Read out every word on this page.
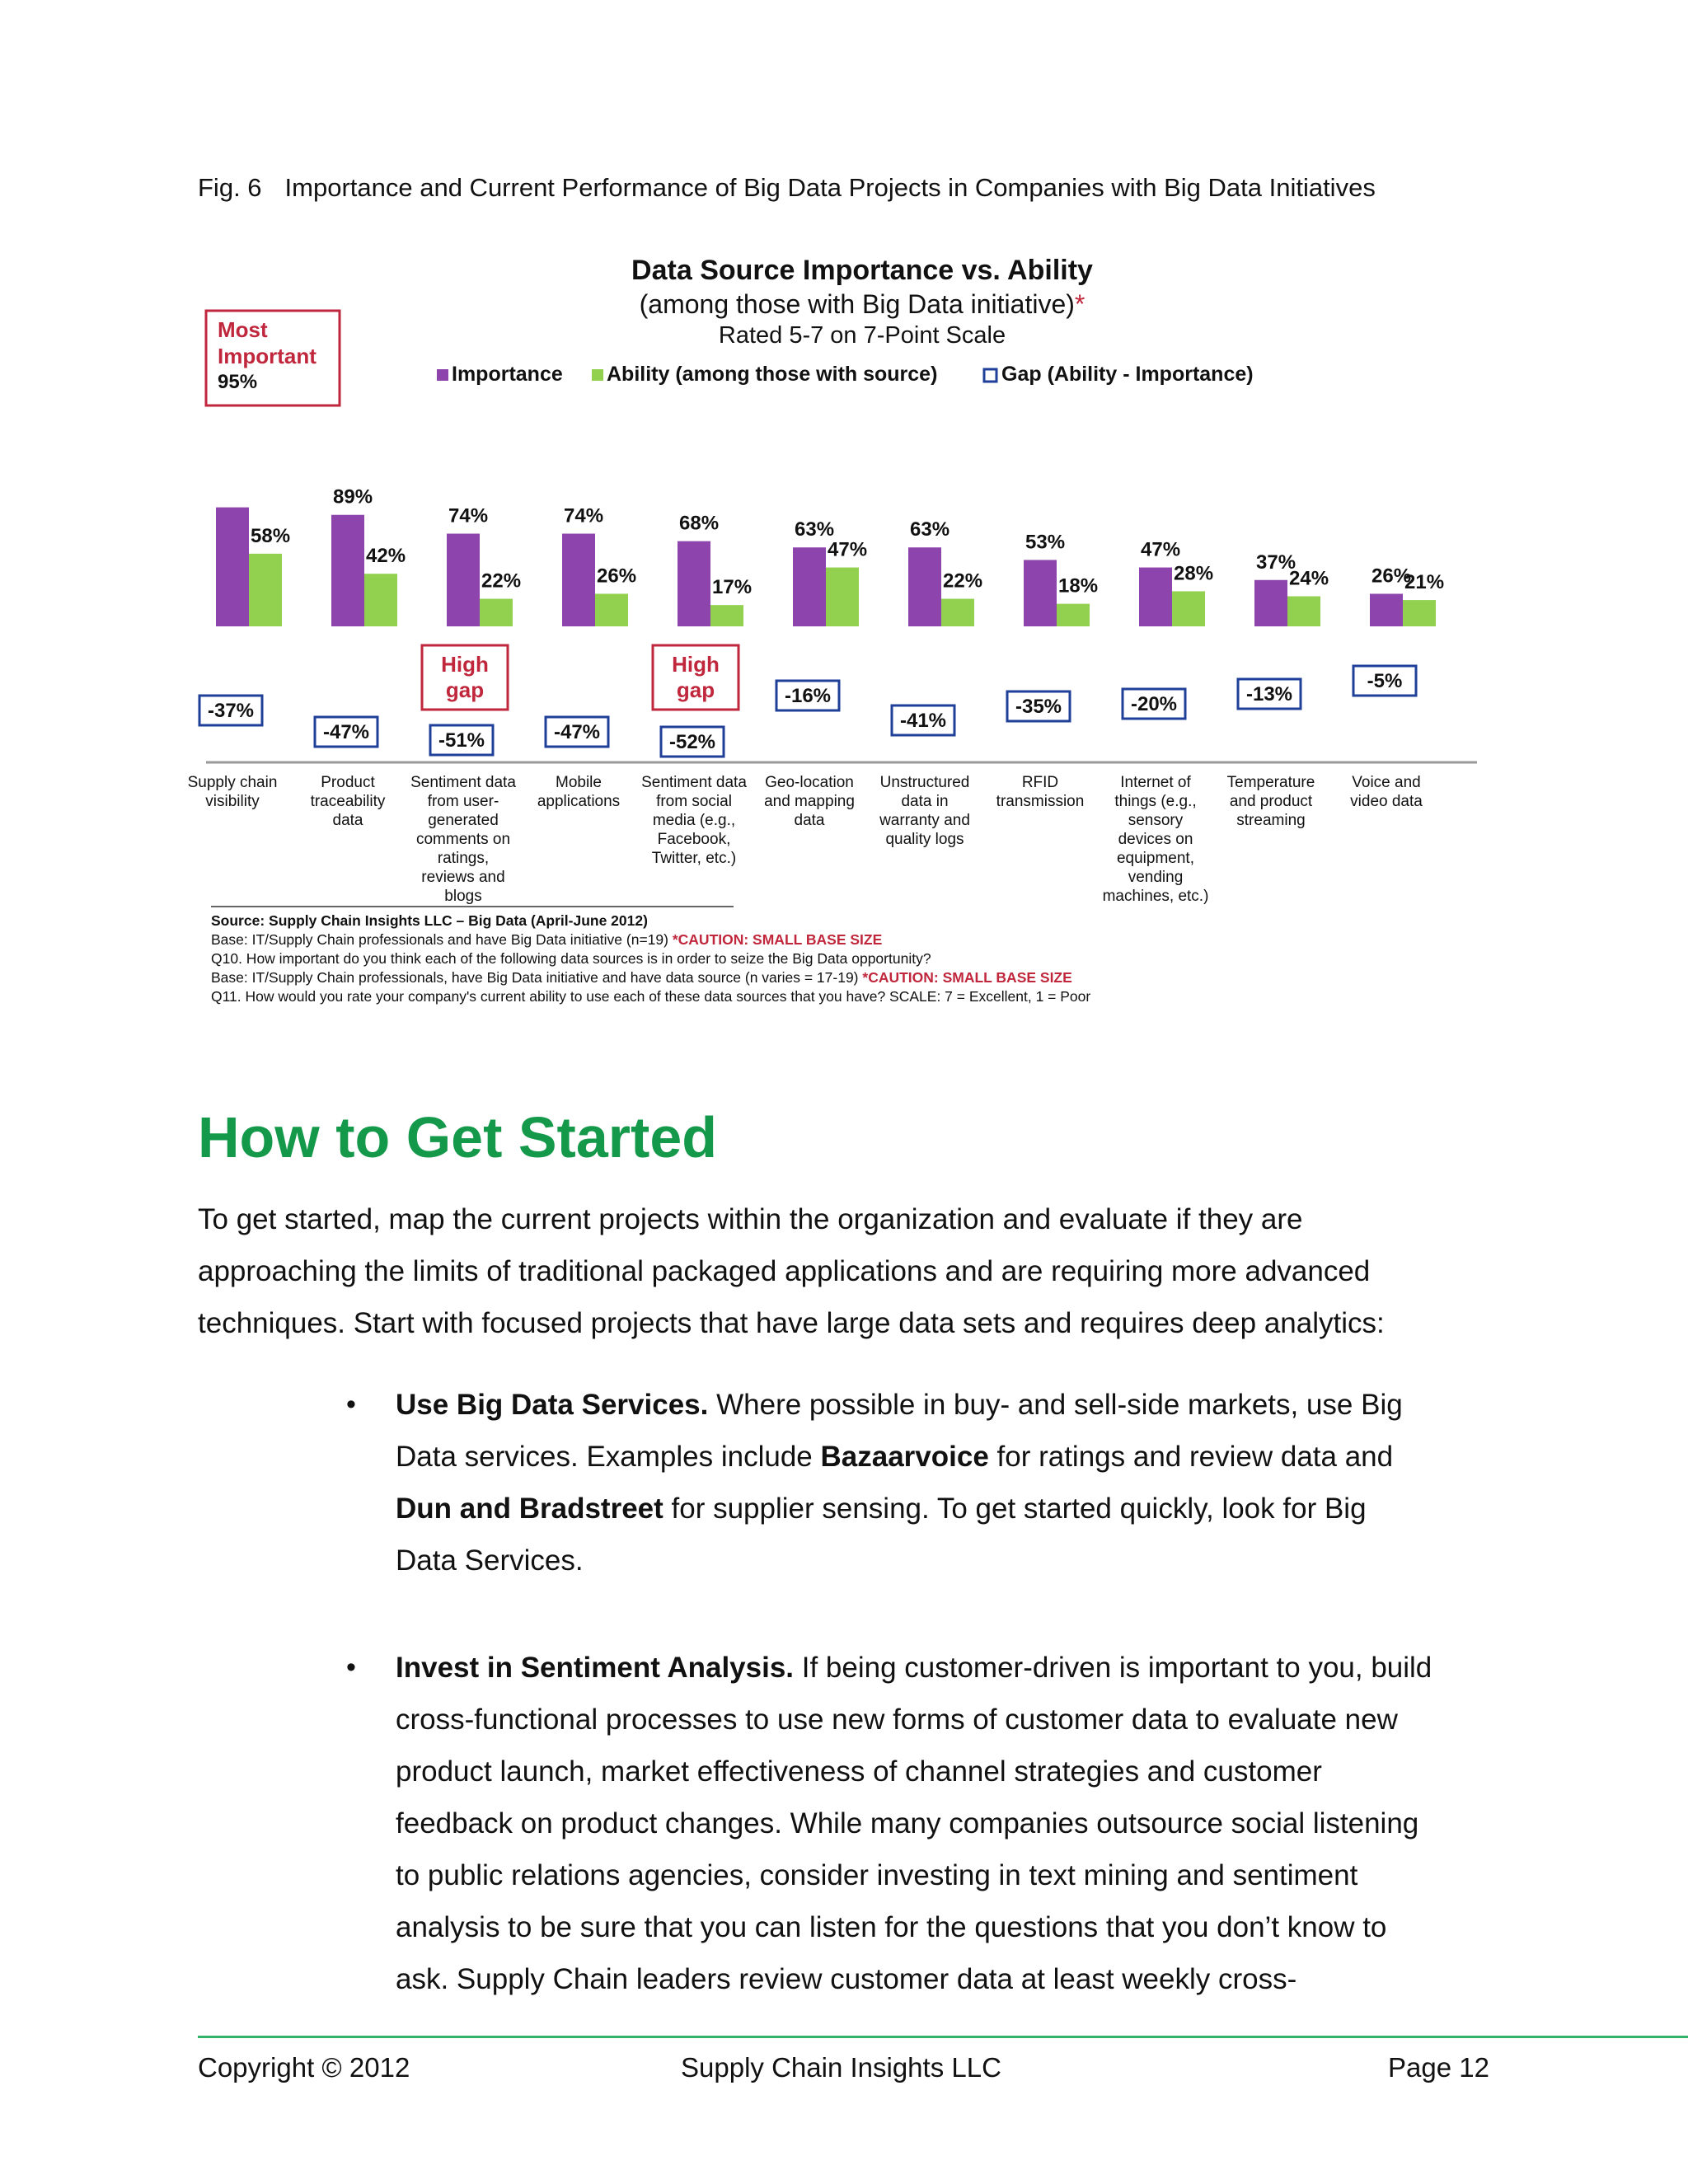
Fig. 6 Importance and Current Performance of Big Data Projects in Companies with Big Data Initiatives
Data Source Importance vs. Ability
(among those with Big Data initiative)*
Rated 5-7 on 7-Point Scale
Importance Ability (among those with source)	Gap (Ability - Importance)
Most Important
95%
58%
-37%
Supply chain visibility
89%
42%
-47%
Product traceability data
74%
22%
High
gap
-51%
Sentiment data from user-generated comments on ratings, reviews and blogs
74%
26%
-47%
Mobile applications
68%
17%
High
gap
-52%
Sentiment data from social media (e.g., Facebook, Twitter, etc.)
63%
47%
-16%
Geo-location and mapping data
63%
22%
-41%
Unstructured data in warranty and quality logs
53%
18%
-35%
RFID transmission
47%
28%
-20%
Internet of things (e.g., sensory devices on equipment, vending machines, etc.)
37%
24%
-13%
Temperature and product streaming
26%
21%
-5%
Voice and video data
Source: Supply Chain Insights LLC – Big Data (April-June 2012)
Base: IT/Supply Chain professionals and have Big Data initiative (n=19) *CAUTION: SMALL BASE SIZE
Q10. How important do you think each of the following data sources is in order to seize the Big Data opportunity?
Base: IT/Supply Chain professionals, have Big Data initiative and have data source (n varies = 17-19) *CAUTION: SMALL BASE SIZE
Q11. How would you rate your company's current ability to use each of these data sources that you have? SCALE: 7 = Excellent, 1 = Poor
How to Get Started
To get started, map the current projects within the organization and evaluate if they are
approaching the limits of traditional packaged applications and are requiring more advanced
techniques. Start with focused projects that have large data sets and requires deep analytics:
• Use Big Data Services. Where possible in buy- and sell-side markets, use Big
Data services. Examples include Bazaarvoice for ratings and review data and
Dun and Bradstreet for supplier sensing. To get started quickly, look for Big
Data Services.
• Invest in Sentiment Analysis. If being customer-driven is important to you, build
cross-functional processes to use new forms of customer data to evaluate new
product launch, market effectiveness of channel strategies and customer
feedback on product changes. While many companies outsource social listening
to public relations agencies, consider investing in text mining and sentiment
analysis to be sure that you can listen for the questions that you don’t know to
ask. Supply Chain leaders review customer data at least weekly cross-
Copyright © 2012	Supply Chain Insights LLC	Page 12
